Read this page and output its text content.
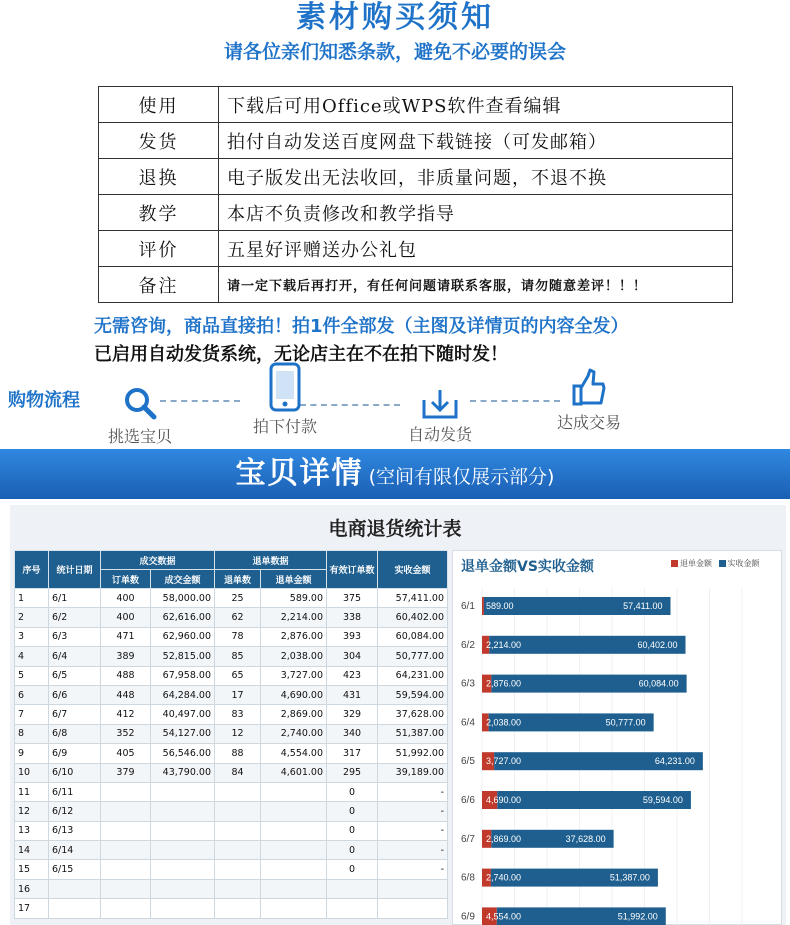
素材购买须知
请各位亲们知悉条款，避免不必要的误会
使用	下载后可用Office或WPS软件查看编辑
发货	拍付自动发送百度网盘下载链接（可发邮箱）
退换	电子版发出无法收回，非质量问题，不退不换
教学	本店不负责修改和教学指导
评价	五星好评赠送办公礼包
备注	请一定下载后再打开，有任何问题请联系客服，请勿随意差评！！！
无需咨询，商品直接拍！拍1件全部发（主图及详情页的内容全发）
已启用自动发货系统，无论店主在不在拍下随时发！
购物流程
挑选宝贝
拍下付款	自动发货
达成交易
宝贝详情 (空间有限仅展示部分)
电商退货统计表
序号	统计日期	成交数据		退单数据		有效订单数	实收金额
		订单数	成交金额	退单数	退单金额		
1	6/1	400	58,000.00	25	589.00	375	57,411.00
2	6/2	400	62,616.00	62	2,214.00	338	60,402.00
3	6/3	471	62,960.00	78	2,876.00	393	60,084.00
4	6/4	389	52,815.00	85	2,038.00	304	50,777.00
5	6/5	488	67,958.00	65	3,727.00	423	64,231.00
6	6/6	448	64,284.00	17	4,690.00	431	59,594.00
7	6/7	412	40,497.00	83	2,869.00	329	37,628.00
8	6/8	352	54,127.00	12	2,740.00	340	51,387.00
9	6/9	405	56,546.00	88	4,554.00	317	51,992.00
10	6/10	379	43,790.00	84	4,601.00	295	39,189.00
11	6/11					0	-
12	6/12					0	-
13	6/13					0	-
14	6/14					0	-
15	6/15					0	-
16							
17							
退单金额VS实收金额	退单金额 实收金额
6/1 589.00	57,411.00
6/2 2,214.00	60,402.00
6/3 2,876.00	60,084.00
6/4 2,038.00	50,777.00
6/5 3,727.00	64,231.00
6/6 4,690.00	59,594.00
6/7 2,869.00	37,628.00
6/8 2,740.00	51,387.00
6/9 4,554.00	51,992.00
